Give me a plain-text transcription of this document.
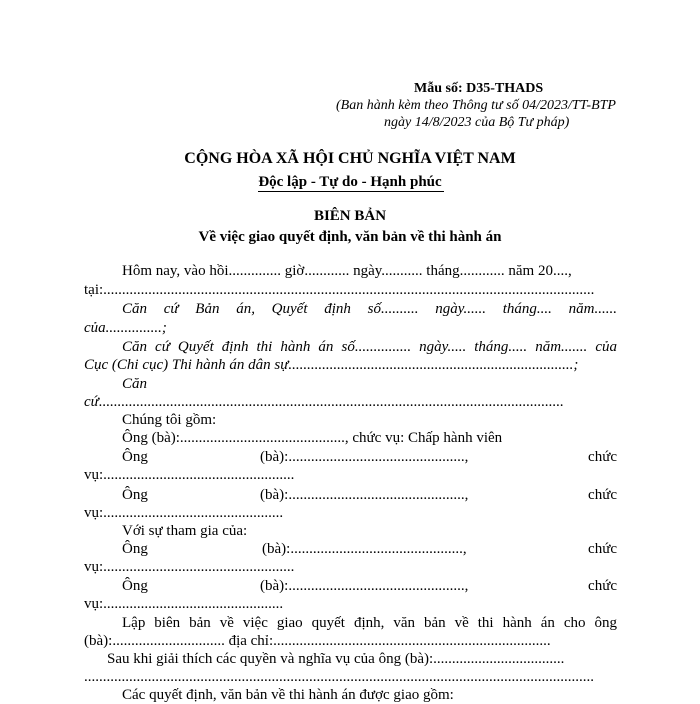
Mẫu số: D35-THADS
(Ban hành kèm theo Thông tư số 04/2023/TT-BTP
ngày 14/8/2023 của Bộ Tư pháp)
CỘNG HÒA XÃ HỘI CHỦ NGHĨA VIỆT NAM
Độc lập - Tự do - Hạnh phúc
BIÊN BẢN
Về việc giao quyết định, văn bản về thi hành án
Hôm nay, vào hồi.............. giờ............ ngày........... tháng............ năm 20....,
tại:...................................................................................................................................
Căn cứ Bản án, Quyết định số.......... ngày...... tháng.... năm......
của...............;
Căn cứ Quyết định thi hành án số............... ngày..... tháng..... năm....... của
Cục (Chi cục) Thi hành án dân sự............................................................................;
Căn
cứ............................................................................................................................
Chúng tôi gồm:
Ông (bà):............................................, chức vụ: Chấp hành viên
Ông	(bà):...............................................,	chức
vụ:...................................................
Ông	(bà):...............................................,	chức
vụ:................................................
Với sự tham gia của:
Ông	(bà):..............................................,	chức
vụ:...................................................
Ông	(bà):...............................................,	chức
vụ:................................................
Lập biên bản về việc giao quyết định, văn bản về thi hành án cho ông
(bà):.............................. địa chỉ:..........................................................................
Sau khi giải thích các quyền và nghĩa vụ của ông (bà):...................................
........................................................................................................................................
Các quyết định, văn bản về thi hành án được giao gồm:
